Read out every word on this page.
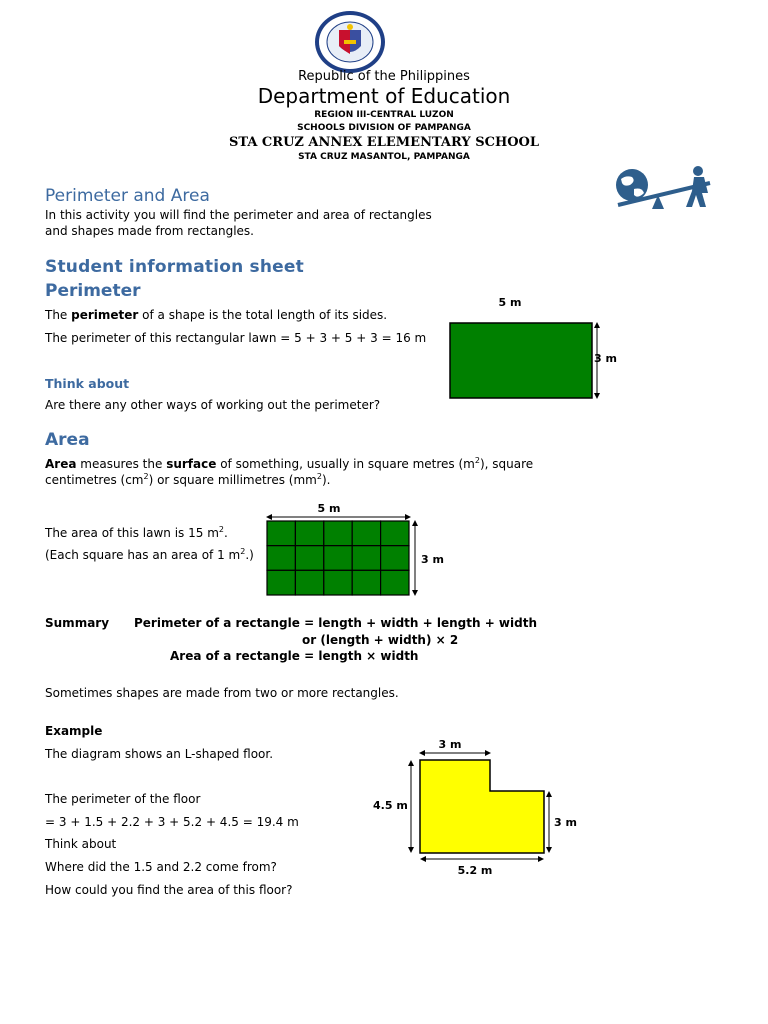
Republic of the Philippines
Department of Education
REGION III-CENTRAL LUZON
SCHOOLS DIVISION OF PAMPANGA
STA CRUZ ANNEX ELEMENTARY SCHOOL
STA CRUZ MASANTOL, PAMPANGA
Perimeter and Area
In this activity you will find the perimeter and area of rectangles
and shapes made from rectangles.
Student information sheet
Perimeter
The perimeter of a shape is the total length of its sides.
The perimeter of this rectangular lawn = 5 + 3 + 5 + 3 = 16 m
Think about
Are there any other ways of working out the perimeter?
5 m
3 m
Area
Area measures the surface of something, usually in square metres $(m^2)$, square
centimetres $(cm^2)$ or square millimetres $(mm^2)$.
The area of this lawn is 15 $m^2$.
(Each square has an area of 1 $m^2$.)
5 m
3 m
Summary Perimeter of a rectangle = length + width + length + width
or (length + width) × 2
Area of a rectangle = length × width
Sometimes shapes are made from two or more rectangles.
Example
The diagram shows an L-shaped floor.
The perimeter of the floor
= 3 + 1.5 + 2.2 + 3 + 5.2 + 4.5 = 19.4 m
Think about
Where did the 1.5 and 2.2 come from?
How could you find the area of this floor?
3 m
4.5 m
3 m
5.2 m
